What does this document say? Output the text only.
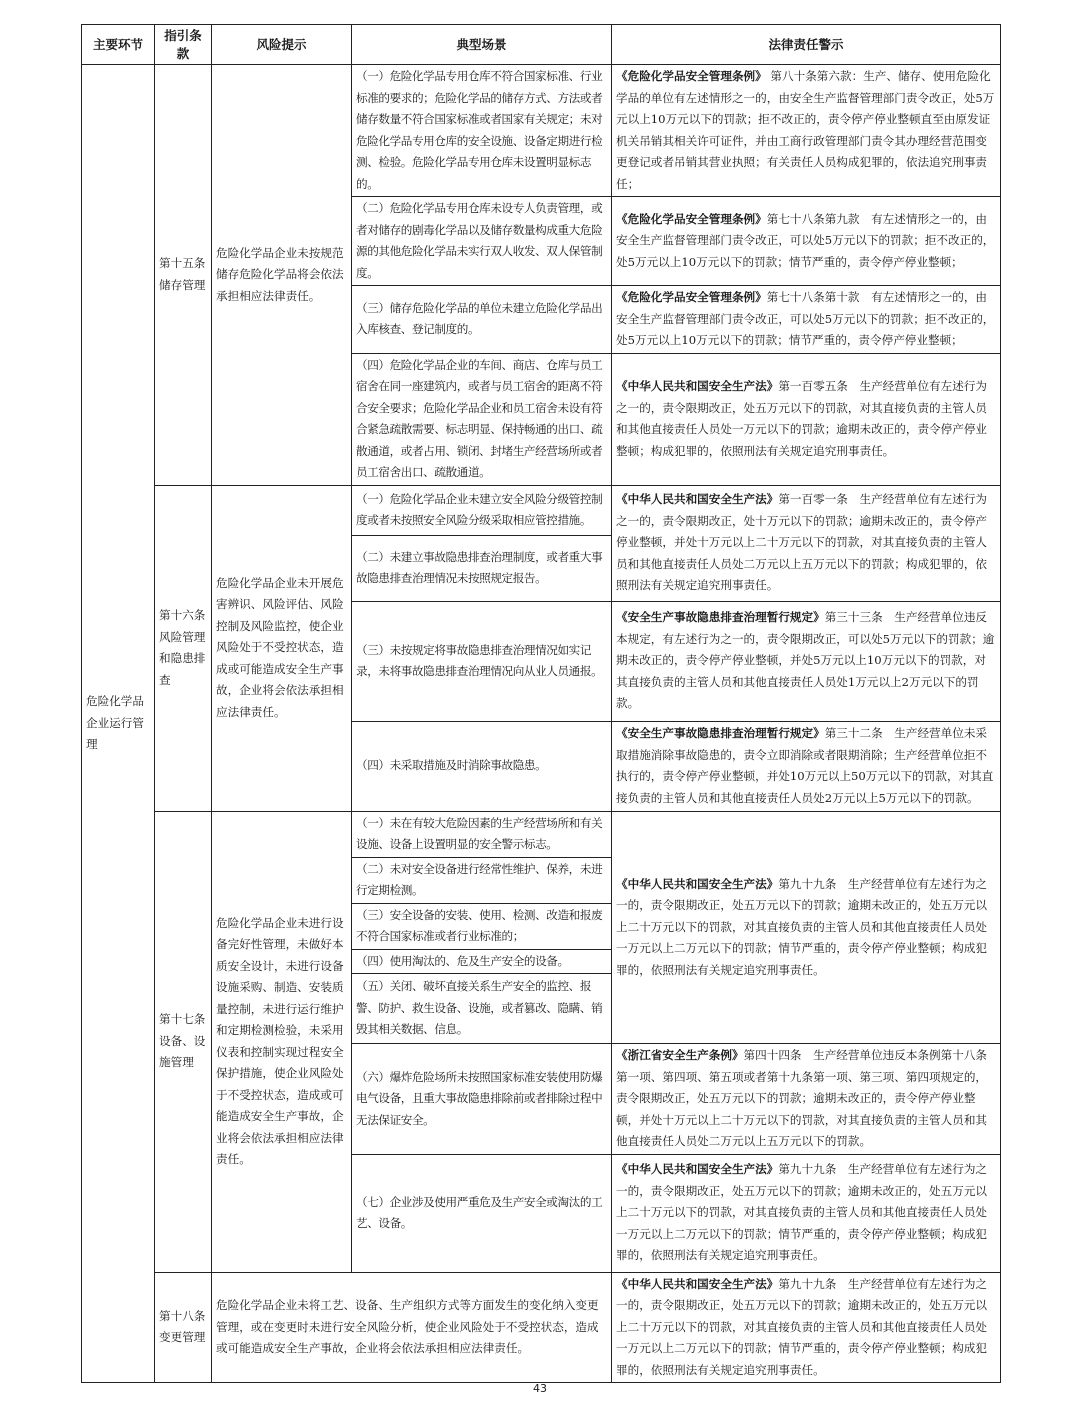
主要环节	指引条款	风险提示	典型场景	法律责任警示
危险化学品企业运行管理	第十五条储存管理	危险化学品企业未按规范储存危险化学品将会依法承担相应法律责任。	（一）危险化学品专用仓库不符合国家标准、行业标准的要求的；危险化学品的储存方式、方法或者储存数量不符合国家标准或者国家有关规定；未对危险化学品专用仓库的安全设施、设备定期进行检测、检验。危险化学品专用仓库未设置明显标志的。	《危险化学品安全管理条例》 第八十条第六款：生产、储存、使用危险化学品的单位有左述情形之一的，由安全生产监督管理部门责令改正，处5万元以上10万元以下的罚款；拒不改正的，责令停产停业整顿直至由原发证机关吊销其相关许可证件，并由工商行政管理部门责令其办理经营范围变更登记或者吊销其营业执照；有关责任人员构成犯罪的，依法追究刑事责任；
			（二）危险化学品专用仓库未设专人负责管理，或者对储存的剧毒化学品以及储存数量构成重大危险源的其他危险化学品未实行双人收发、双人保管制度。	《危险化学品安全管理条例》第七十八条第九款　有左述情形之一的，由安全生产监督管理部门责令改正，可以处5万元以下的罚款；拒不改正的，处5万元以上10万元以下的罚款；情节严重的，责令停产停业整顿；
			（三）储存危险化学品的单位未建立危险化学品出入库核查、登记制度的。	《危险化学品安全管理条例》第七十八条第十款　有左述情形之一的，由安全生产监督管理部门责令改正，可以处5万元以下的罚款；拒不改正的，处5万元以上10万元以下的罚款；情节严重的，责令停产停业整顿；
			（四）危险化学品企业的车间、商店、仓库与员工宿舍在同一座建筑内，或者与员工宿舍的距离不符合安全要求；危险化学品企业和员工宿舍未设有符合紧急疏散需要、标志明显、保持畅通的出口、疏散通道，或者占用、锁闭、封堵生产经营场所或者员工宿舍出口、疏散通道。	《中华人民共和国安全生产法》第一百零五条　生产经营单位有左述行为之一的，责令限期改正，处五万元以下的罚款，对其直接负责的主管人员和其他直接责任人员处一万元以下的罚款；逾期未改正的，责令停产停业整顿；构成犯罪的，依照刑法有关规定追究刑事责任。
	第十六条风险管理和隐患排查	危险化学品企业未开展危害辨识、风险评估、风险控制及风险监控，使企业风险处于不受控状态，造成或可能造成安全生产事故，企业将会依法承担相应法律责任。	（一）危险化学品企业未建立安全风险分级管控制度或者未按照安全风险分级采取相应管控措施。	《中华人民共和国安全生产法》第一百零一条　生产经营单位有左述行为之一的，责令限期改正，处十万元以下的罚款；逾期未改正的，责令停产停业整顿，并处十万元以上二十万元以下的罚款，对其直接负责的主管人员和其他直接责任人员处二万元以上五万元以下的罚款；构成犯罪的，依照刑法有关规定追究刑事责任。
			（二）未建立事故隐患排查治理制度，或者重大事故隐患排查治理情况未按照规定报告。	
			（三）未按规定将事故隐患排查治理情况如实记录，未将事故隐患排查治理情况向从业人员通报。	《安全生产事故隐患排查治理暂行规定》第三十三条　生产经营单位违反本规定，有左述行为之一的，责令限期改正，可以处5万元以下的罚款；逾期未改正的，责令停产停业整顿，并处5万元以上10万元以下的罚款，对其直接负责的主管人员和其他直接责任人员处1万元以上2万元以下的罚款。
			（四）未采取措施及时消除事故隐患。	《安全生产事故隐患排查治理暂行规定》第三十二条　生产经营单位未采取措施消除事故隐患的，责令立即消除或者限期消除；生产经营单位拒不执行的，责令停产停业整顿，并处10万元以上50万元以下的罚款，对其直接负责的主管人员和其他直接责任人员处2万元以上5万元以下的罚款。
	第十七条设备、设施管理	危险化学品企业未进行设备完好性管理，未做好本质安全设计，未进行设备设施采购、制造、安装质量控制，未进行运行维护和定期检测检验，未采用仪表和控制实现过程安全保护措施，使企业风险处于不受控状态，造成或可能造成安全生产事故，企业将会依法承担相应法律责任。	（一）未在有较大危险因素的生产经营场所和有关设施、设备上设置明显的安全警示标志。	《中华人民共和国安全生产法》第九十九条　生产经营单位有左述行为之一的，责令限期改正，处五万元以下的罚款；逾期未改正的，处五万元以上二十万元以下的罚款，对其直接负责的主管人员和其他直接责任人员处一万元以上二万元以下的罚款；情节严重的，责令停产停业整顿；构成犯罪的，依照刑法有关规定追究刑事责任。
			（二）未对安全设备进行经常性维护、保养，未进行定期检测。	
			（三）安全设备的安装、使用、检测、改造和报废不符合国家标准或者行业标准的；	
			（四）使用淘汰的、危及生产安全的设备。	
			（五）关闭、破坏直接关系生产安全的监控、报警、防护、救生设备、设施，或者篡改、隐瞒、销毁其相关数据、信息。	
			（六）爆炸危险场所未按照国家标准安装使用防爆电气设备，且重大事故隐患排除前或者排除过程中无法保证安全。	《浙江省安全生产条例》第四十四条　生产经营单位违反本条例第十八条第一项、第四项、第五项或者第十九条第一项、第三项、第四项规定的，责令限期改正，处五万元以下的罚款；逾期未改正的，责令停产停业整顿，并处十万元以上二十万元以下的罚款，对其直接负责的主管人员和其他直接责任人员处二万元以上五万元以下的罚款。
			（七）企业涉及使用严重危及生产安全或淘汰的工艺、设备。	《中华人民共和国安全生产法》第九十九条　生产经营单位有左述行为之一的，责令限期改正，处五万元以下的罚款；逾期未改正的，处五万元以上二十万元以下的罚款，对其直接负责的主管人员和其他直接责任人员处一万元以上二万元以下的罚款；情节严重的，责令停产停业整顿；构成犯罪的，依照刑法有关规定追究刑事责任。
	第十八条变更管理	危险化学品企业未将工艺、设备、生产组织方式等方面发生的变化纳入变更管理，或在变更时未进行安全风险分析，使企业风险处于不受控状态，造成或可能造成安全生产事故，企业将会依法承担相应法律责任。		《中华人民共和国安全生产法》第九十九条　生产经营单位有左述行为之一的，责令限期改正，处五万元以下的罚款；逾期未改正的，处五万元以上二十万元以下的罚款，对其直接负责的主管人员和其他直接责任人员处一万元以上二万元以下的罚款；情节严重的，责令停产停业整顿；构成犯罪的，依照刑法有关规定追究刑事责任。
43
